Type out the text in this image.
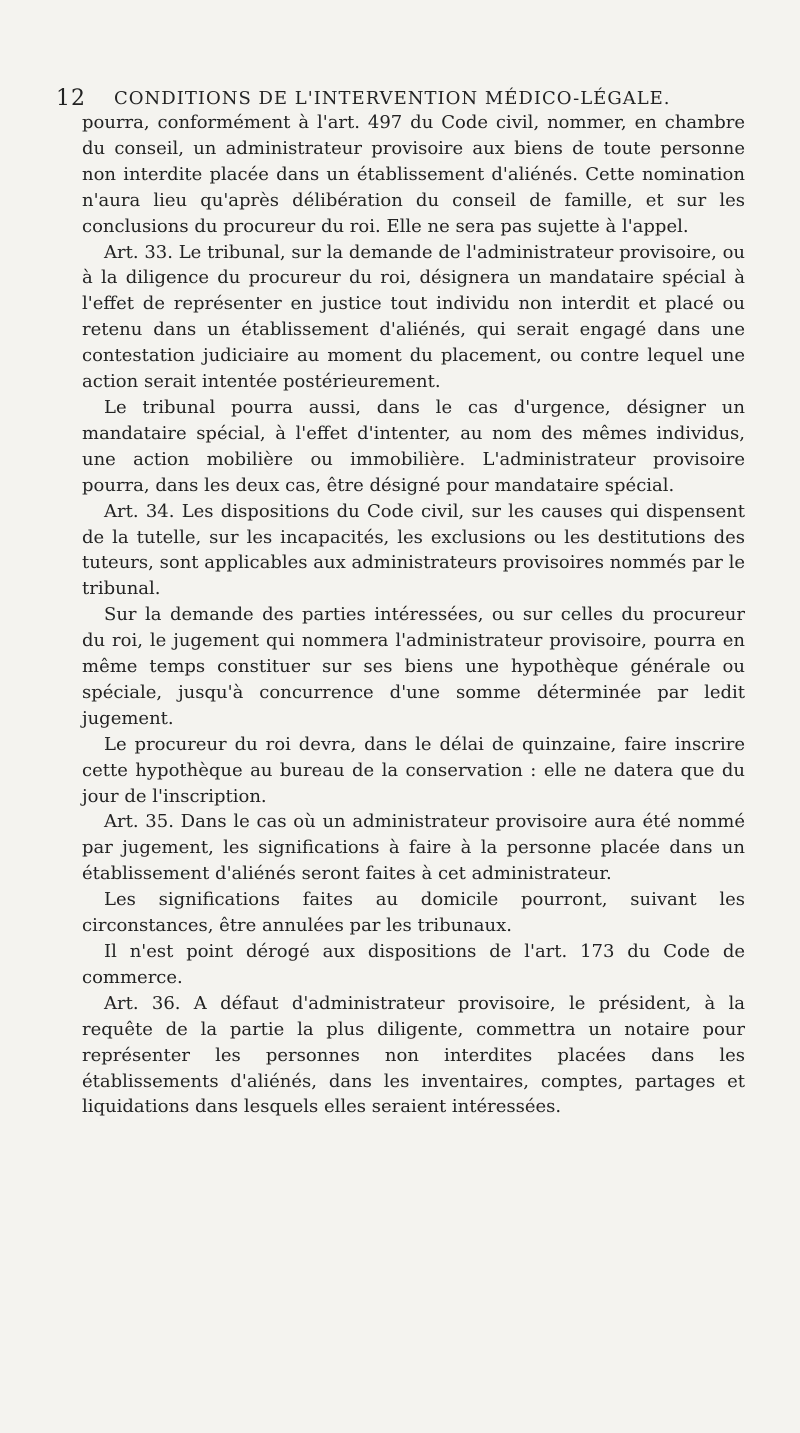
12 CONDITIONS DE L'INTERVENTION MÉDICO-LÉGALE.

pourra, conformément à l'art. 497 du Code civil, nommer, en chambre du conseil, un administrateur provisoire aux biens de toute personne non interdite placée dans un établissement d'aliénés. Cette nomination n'aura lieu qu'après délibération du conseil de famille, et sur les conclusions du procureur du roi. Elle ne sera pas sujette à l'appel.

Art. 33. Le tribunal, sur la demande de l'administrateur provisoire, ou à la diligence du procureur du roi, désignera un mandataire spécial à l'effet de représenter en justice tout individu non interdit et placé ou retenu dans un établissement d'aliénés, qui serait engagé dans une contestation judiciaire au moment du placement, ou contre lequel une action serait intentée postérieurement.

Le tribunal pourra aussi, dans le cas d'urgence, désigner un mandataire spécial, à l'effet d'intenter, au nom des mêmes individus, une action mobilière ou immobilière. L'administrateur provisoire pourra, dans les deux cas, être désigné pour mandataire spécial.

Art. 34. Les dispositions du Code civil, sur les causes qui dispensent de la tutelle, sur les incapacités, les exclusions ou les destitutions des tuteurs, sont applicables aux administrateurs provisoires nommés par le tribunal.

Sur la demande des parties intéressées, ou sur celles du procureur du roi, le jugement qui nommera l'administrateur provisoire, pourra en même temps constituer sur ses biens une hypothèque générale ou spéciale, jusqu'à concurrence d'une somme déterminée par ledit jugement.

Le procureur du roi devra, dans le délai de quinzaine, faire inscrire cette hypothèque au bureau de la conservation : elle ne datera que du jour de l'inscription.

Art. 35. Dans le cas où un administrateur provisoire aura été nommé par jugement, les significations à faire à la personne placée dans un établissement d'aliénés seront faites à cet administrateur.

Les significations faites au domicile pourront, suivant les circonstances, être annulées par les tribunaux.

Il n'est point dérogé aux dispositions de l'art. 173 du Code de commerce.

Art. 36. A défaut d'administrateur provisoire, le président, à la requête de la partie la plus diligente, commettra un notaire pour représenter les personnes non interdites placées dans les établissements d'aliénés, dans les inventaires, comptes, partages et liquidations dans lesquels elles seraient intéressées.
